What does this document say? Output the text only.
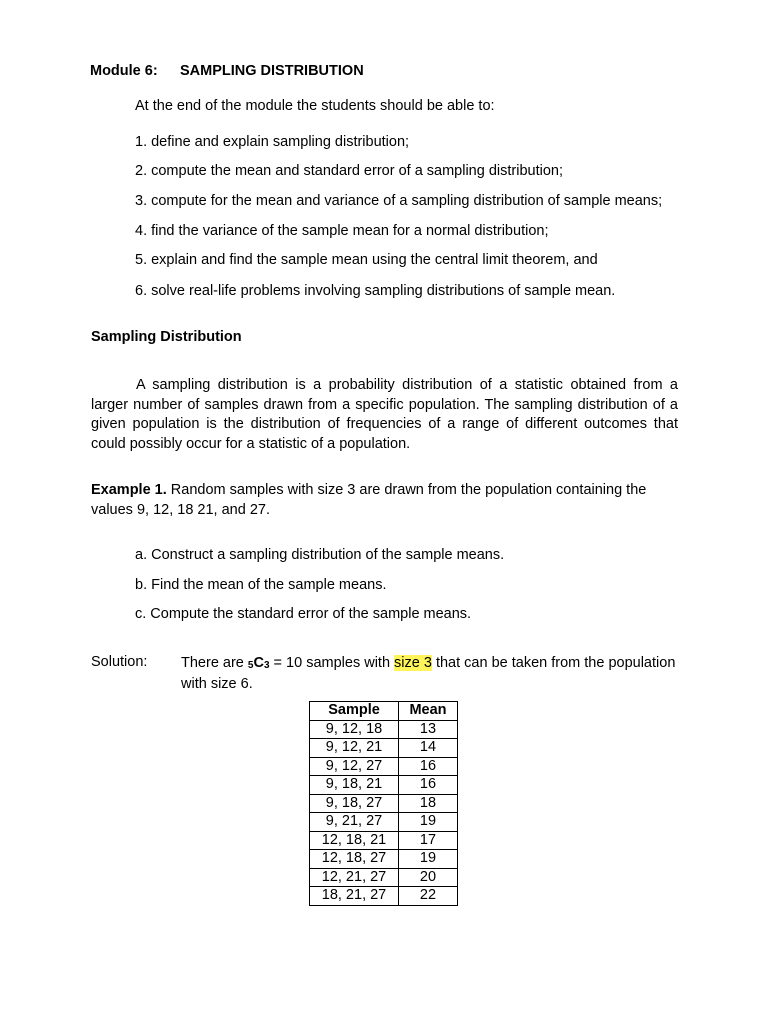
Module 6: SAMPLING DISTRIBUTION
At the end of the module the students should be able to:
1. define and explain sampling distribution;
2. compute the mean and standard error of a sampling distribution;
3. compute for the mean and variance of a sampling distribution of sample means;
4. find the variance of the sample mean for a normal distribution;
5. explain and find the sample mean using the central limit theorem, and
6. solve real-life problems involving sampling distributions of sample mean.
Sampling Distribution

A sampling distribution is a probability distribution of a statistic obtained from a larger number of samples drawn from a specific population. The sampling distribution of a given population is the distribution of frequencies of a range of different outcomes that could possibly occur for a statistic of a population.

Example 1. Random samples with size 3 are drawn from the population containing the values 9, 12, 18 21, and 27.
a. Construct a sampling distribution of the sample means.
b. Find the mean of the sample means.
c. Compute the standard error of the sample means.
Solution: There are 5C3 = 10 samples with size 3 that can be taken from the population with size 6.
Sample	Mean
9, 12, 18	13
9, 12, 21	14
9, 12, 27	16
9, 18, 21	16
9, 18, 27	18
9, 21, 27	19
12, 18, 21	17
12, 18, 27	19
12, 21, 27	20
18, 21, 27	22
